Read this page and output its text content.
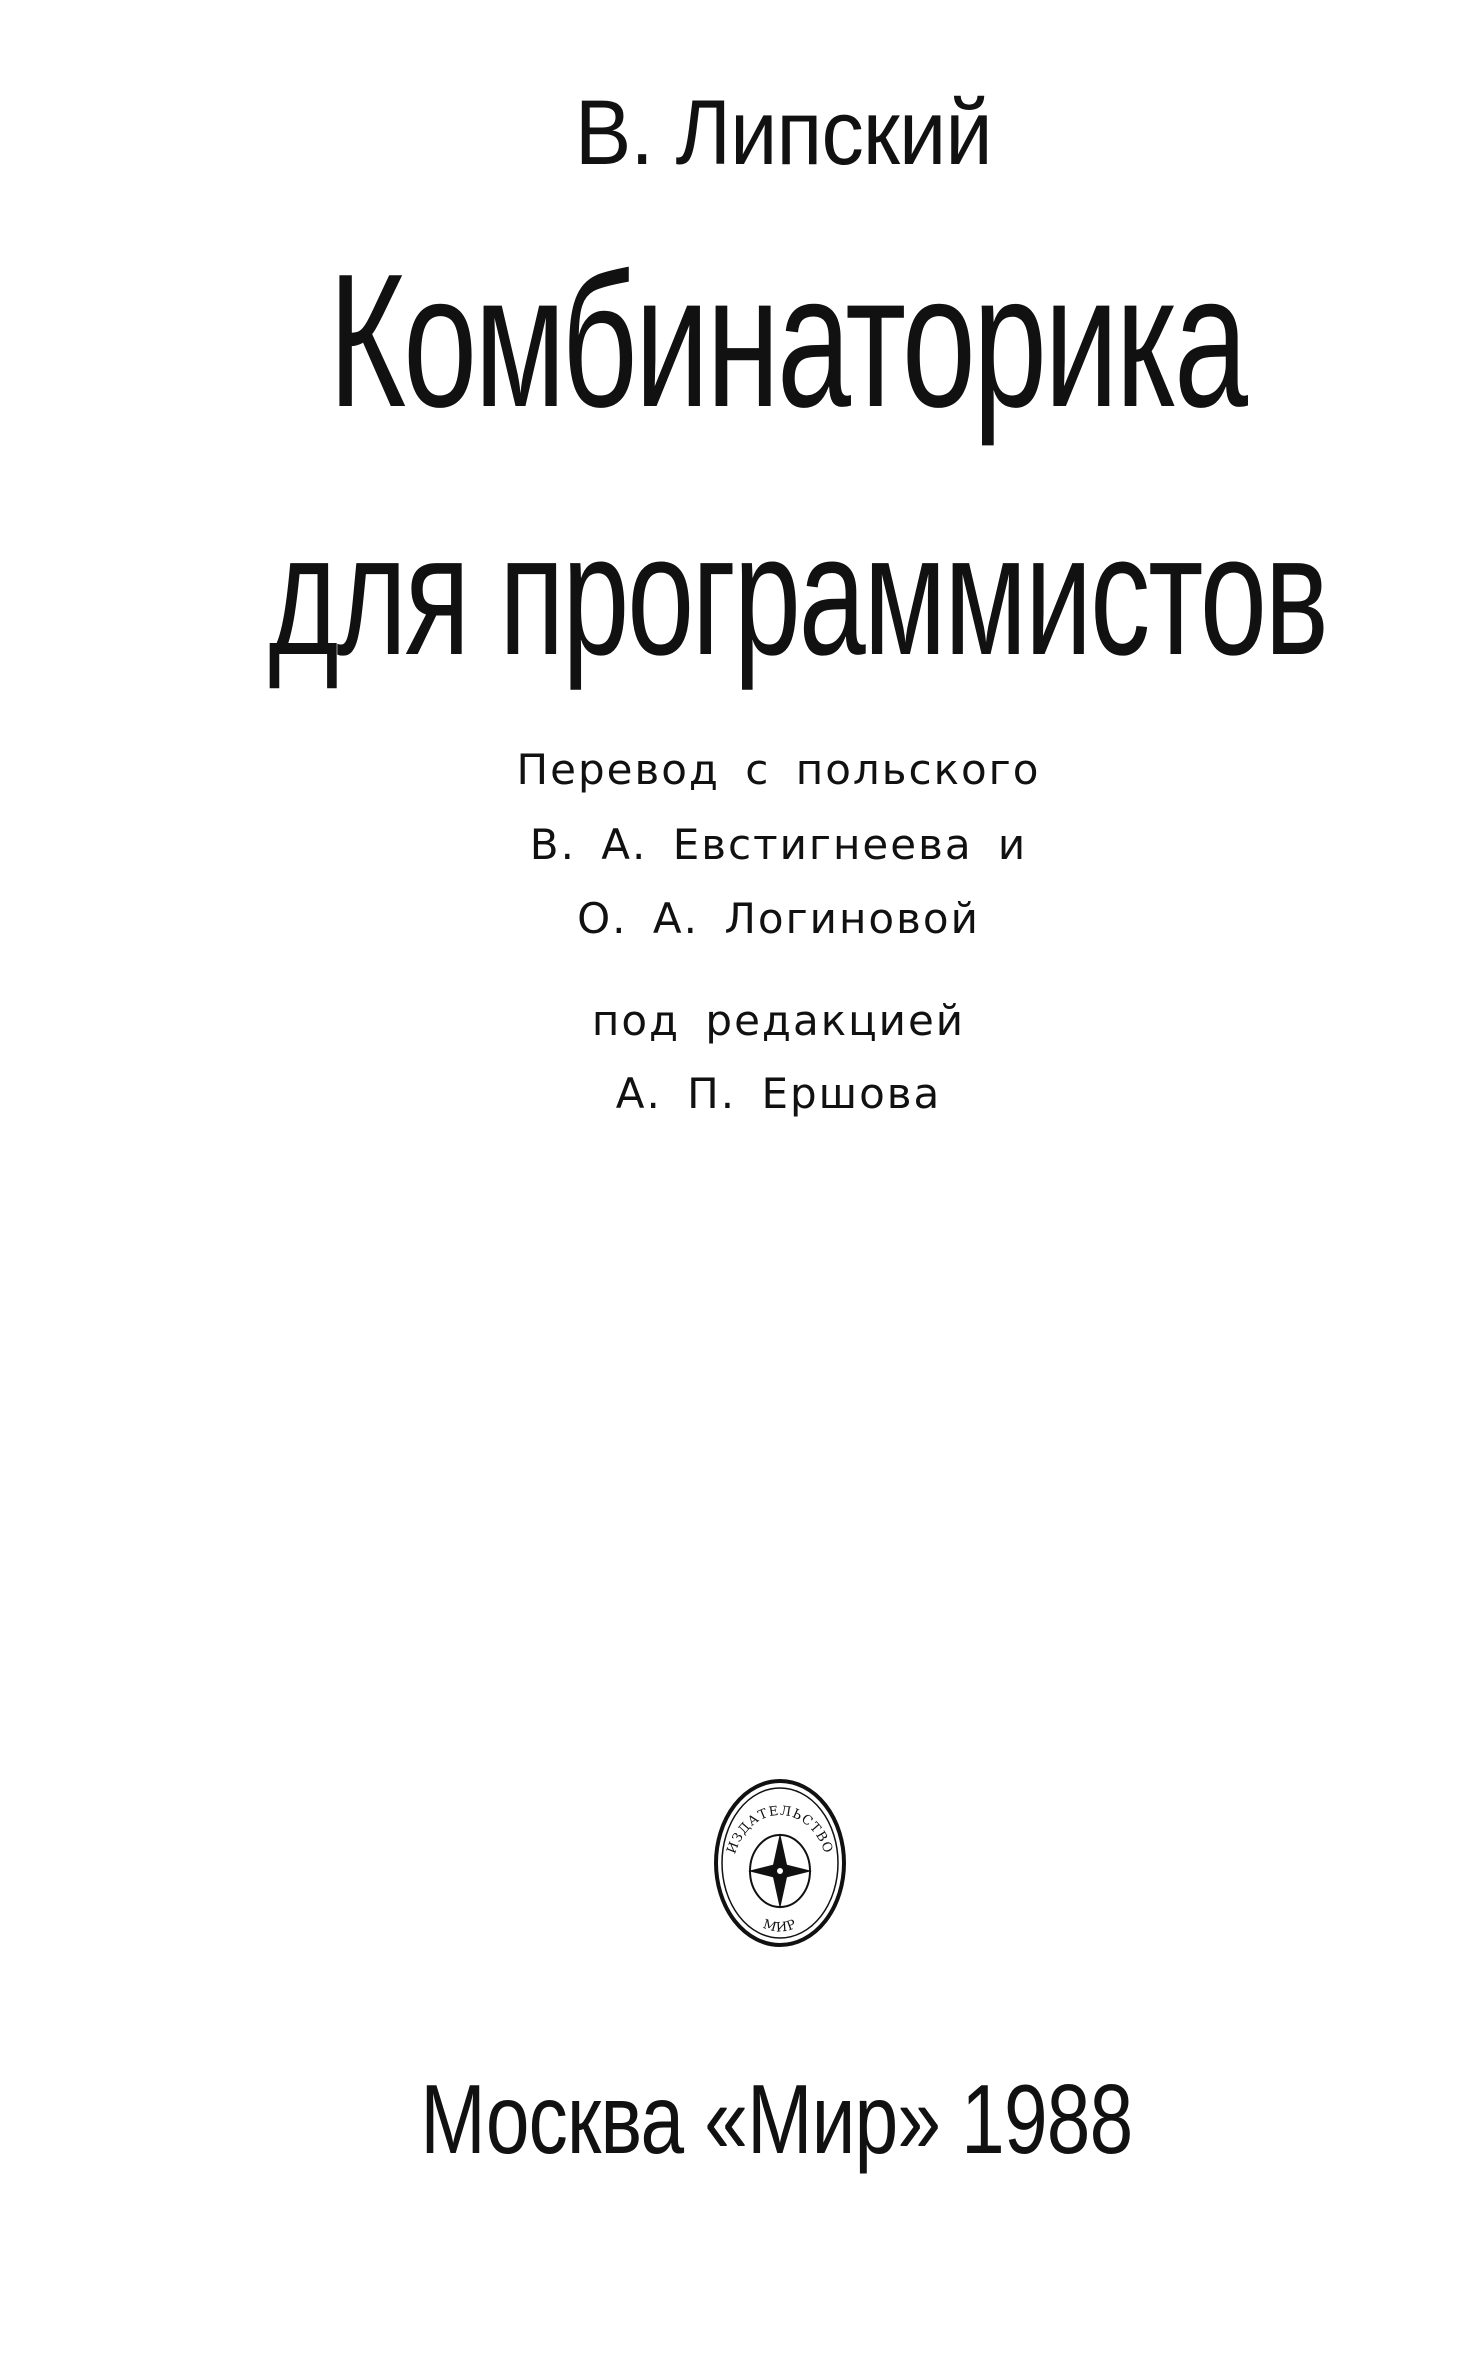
В. Липский
Комбинаторика
для программистов
Перевод с польского
В. А. Евстигнеева и
О. А. Логиновой
под редакцией
А. П. Ершова
ИЗДАТЕЛЬСТВО
МИР
Москва «Мир» 1988
